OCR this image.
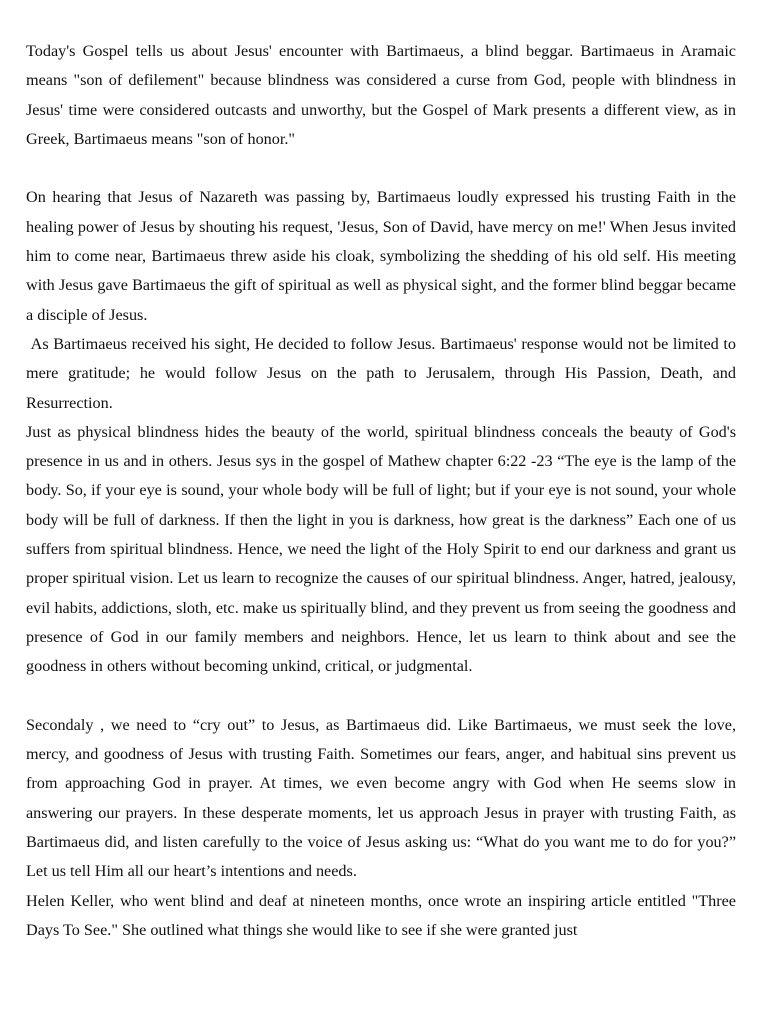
Today's Gospel tells us about Jesus' encounter with Bartimaeus, a blind beggar. Bartimaeus in Aramaic means "son of defilement" because blindness was considered a curse from God, people with blindness in Jesus' time were considered outcasts and unworthy, but the Gospel of Mark presents a different view, as in Greek, Bartimaeus means "son of honor."

On hearing that Jesus of Nazareth was passing by, Bartimaeus loudly expressed his trusting Faith in the healing power of Jesus by shouting his request, 'Jesus, Son of David, have mercy on me!' When Jesus invited him to come near, Bartimaeus threw aside his cloak, symbolizing the shedding of his old self. His meeting with Jesus gave Bartimaeus the gift of spiritual as well as physical sight, and the former blind beggar became a disciple of Jesus.

As Bartimaeus received his sight, He decided to follow Jesus. Bartimaeus' response would not be limited to mere gratitude; he would follow Jesus on the path to Jerusalem, through His Passion, Death, and Resurrection.

Just as physical blindness hides the beauty of the world, spiritual blindness conceals the beauty of God's presence in us and in others. Jesus sys in the gospel of Mathew chapter 6:22 -23 “The eye is the lamp of the body. So, if your eye is sound, your whole body will be full of light; but if your eye is not sound, your whole body will be full of darkness. If then the light in you is darkness, how great is the darkness” Each one of us suffers from spiritual blindness. Hence, we need the light of the Holy Spirit to end our darkness and grant us proper spiritual vision. Let us learn to recognize the causes of our spiritual blindness. Anger, hatred, jealousy, evil habits, addictions, sloth, etc. make us spiritually blind, and they prevent us from seeing the goodness and presence of God in our family members and neighbors. Hence, let us learn to think about and see the goodness in others without becoming unkind, critical, or judgmental.

Secondaly , we need to “cry out” to Jesus, as Bartimaeus did. Like Bartimaeus, we must seek the love, mercy, and goodness of Jesus with trusting Faith. Sometimes our fears, anger, and habitual sins prevent us from approaching God in prayer. At times, we even become angry with God when He seems slow in answering our prayers. In these desperate moments, let us approach Jesus in prayer with trusting Faith, as Bartimaeus did, and listen carefully to the voice of Jesus asking us: “What do you want me to do for you?” Let us tell Him all our heart’s intentions and needs.

Helen Keller, who went blind and deaf at nineteen months, once wrote an inspiring article entitled "Three Days To See." She outlined what things she would like to see if she were granted just
